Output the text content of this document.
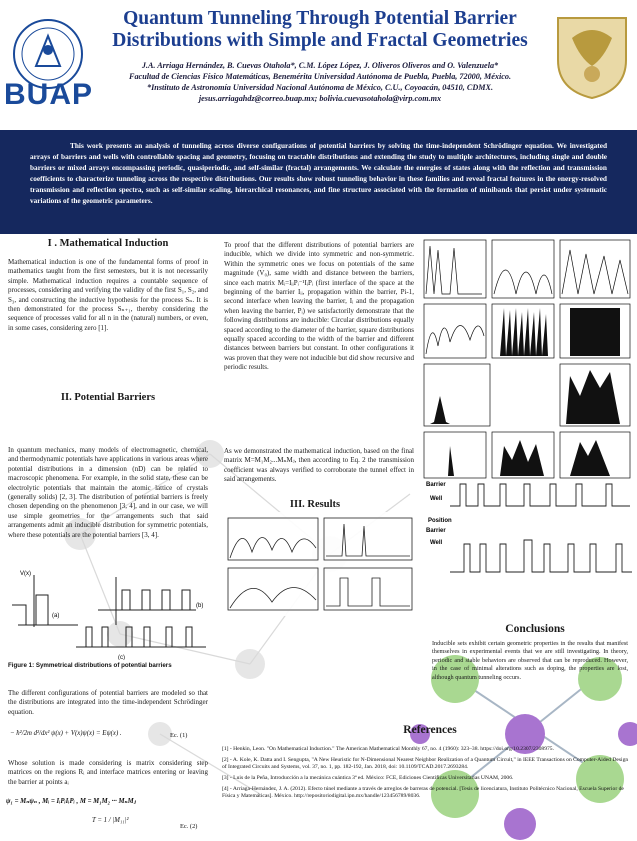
BUAP
Quantum Tunneling Through Potential Barrier Distributions with Simple and Fractal Geometries
J.A. Arriaga Hernández, B. Cuevas Otahola*, C.M. López López, J. Oliveros Oliveros and O. Valenzuela*
Facultad de Ciencias Físico Matemáticas, Benemérita Universidad Autónoma de Puebla, Puebla, 72000, México.
*Instituto de Astronomía Universidad Nacional Autónoma de México, C.U., Coyoacán, 04510, CDMX.
jesus.arriagahdz@correo.buap.mx; bolivia.cuevasotahola@virp.com.mx
This work presents an analysis of tunneling across diverse configurations of potential barriers by solving the time-independent Schrödinger equation. We investigated arrays of barriers and wells with controllable spacing and geometry, focusing on tractable distributions and extending the study to multiple architectures, including single and double barriers or mixed arrays encompassing periodic, quasiperiodic, and self-similar (fractal) arrangements. We calculate the energies of states along with the reflection and transmission coefficients to characterize tunneling across the respective distributions. Our results show robust tunneling behavior in these families and reveal fractal features in the energy-resolved transmission and reflection spectra, such as self-similar scaling, hierarchical resonances, and fine structure associated with the formation of minibands that persist under systematic variations of the geometric parameters.
I . Mathematical Induction
Mathematical induction is one of the fundamental forms of proof in mathematics taught from the first semesters, but it is not necessarily simple. Mathematical induction requires a countable sequence of processes, considering and verifying the validity of the first S₁, S₂, and S₃, and constructing the inductive hypothesis for the process Sₙ. It is then demonstrated for the process Sₙ₊₁, thereby considering the sequence of processes valid for all n in the (natural) numbers, or even, in some cases, considering zero [1].
II. Potential Barriers
In quantum mechanics, many models of electromagnetic, chemical, and thermodynamic potentials have applications in various areas where potential distributions in a dimension (nD) can be related to macroscopic phenomena. For example, in the solid state, these can be electrolytic potentials that maintain the atomic lattice of crystals (generally solids) [2, 3]. The distribution of potential barriers is freely chosen depending on the phenomenon [3, 4], and in our case, we will use simple geometries for the arrangements such that said arrangements admit an inducible distribution for symmetric potentials, where these potentials are the potential barriers [3, 4].
V(x)
(a)
(b)
(c)
Figure 1: Symmetrical distributions of potential barriers
The different configurations of potential barriers are modeled so that the distributions are integrated into the time-independent Schrödinger equation.
− ħ²/2m d²/dx² ψ(x) + V(x)ψ(x) = Eψ(x) .	Ec. (1)
Whose solution is made considering is matrix considering step matrices on the regions Rᵢ and interface matrices entering or leaving the barrier at points aᵢ
ψ₁ = Mₙψₙ , Mᵢ = IᵢPᵢIᵢPᵢ , M = M₁M₂ ··· MₙMⱼ
T = 1 / |M₁₁|²
Ec. (2)
To proof that the different distributions of potential barriers are inducible, which we divide into symmetric and non-symmetric. Within the symmetric ones we focus on potentials of the same magnitude (V₀), same width and distance between the barriers, since each matrix Mᵢ=IᵢᵢPᵢ⁻¹IᵢPᵢ (first interface of the space at the beginning of the barrier Iᵢᵢ, propagation within the barrier, Pi-1, second interface when leaving the barrier, Iᵢ and the propagation when leaving the barrier, Pᵢ) we satisfactorily demonstrate that the following distributions are inducible: Circular distributions equally spaced according to the diameter of the barrier, square distributions equally spaced according to the width of the barrier and different distances between barriers but constant. In other configurations it was proven that they were not inducible but did show recursive and periodic results.
As we demonstrated the mathematical induction, based on the final matrix M=M₁M₂...MₙMⱼ, then according to Eq. 2 the transmission coefficient was always verified to corroborate the tunnel effect in said arrangements.
III. Results
Barrier
Well
Position
Barrier
Well
Conclusions
Inducible sets exhibit certain geometric properties in the results that manifest themselves in experimental events that we are still investigating. In theory, periodic and stable behaviors are observed that can be reproduced. However, in the case of minimal alterations such as doping, the properties are lost, although quantum tunneling occurs.
References
[1] - Henkin, Leon. "On Mathematical Induction." The American Mathematical Monthly 67, no. 4 (1960): 323–38. https://doi.org/10.2307/2308975.
[2] - A. Kole, K. Datta and I. Sengupta, "A New Heuristic for N-Dimensional Nearest Neighbor Realization of a Quantum Circuit," in IEEE Transactions on Computer-Aided Design of Integrated Circuits and Systems, vol. 37, no. 1, pp. 182-192, Jan. 2018, doi: 10.1109/TCAD.2017.2693284.
[3] - Luis de la Peña, Introducción a la mecánica cuántica 3ª ed. México: FCE, Ediciones Científicas Universitarias UNAM, 2006.
[4] - Arriaga-Hernández, J. A. (2012). Efecto túnel mediante a través de arreglos de barreras de potencial. [Tesis de licenciatura, Instituto Politécnico Nacional, Escuela Superior de Física y Matemáticas]. México. http://repositoriodigital.ipn.mx/handle/123456789/8036.
